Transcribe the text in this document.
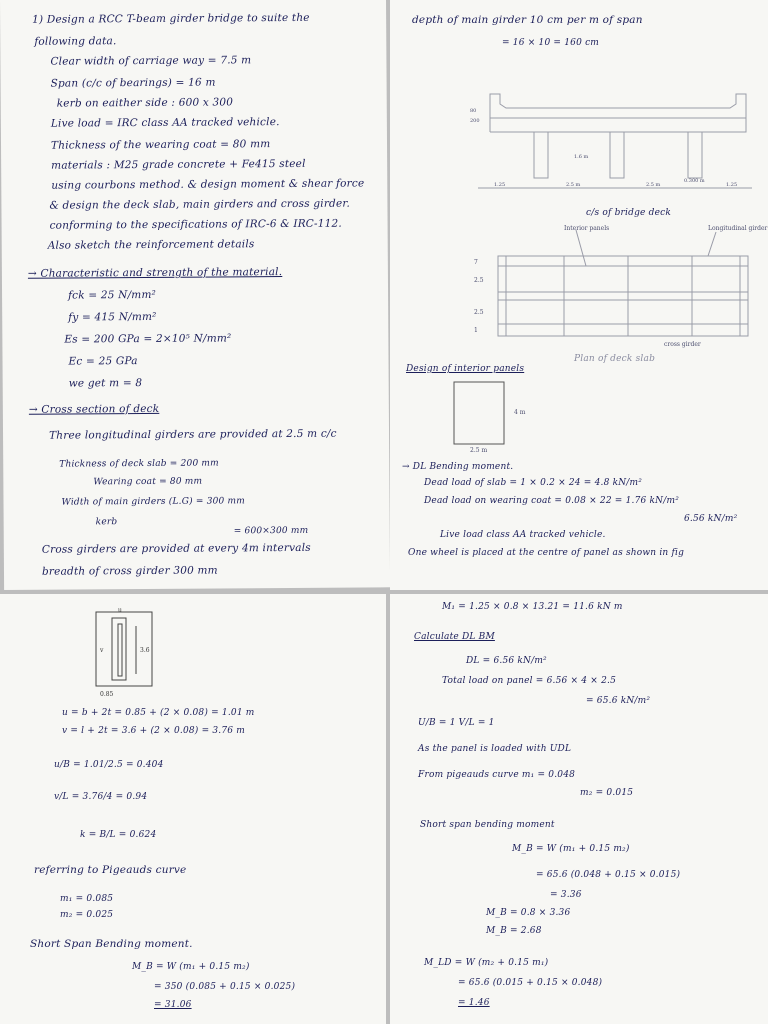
1) Design a RCC T-beam girder bridge to suite the
following data.
Clear width of carriage way = 7.5 m
Span (c/c of bearings) = 16 m
kerb on eaither side : 600 x 300
Live load = IRC class AA tracked vehicle.
Thickness of the wearing coat = 80 mm
materials : M25 grade concrete + Fe415 steel
using courbons method. & design moment & shear force
& design the deck slab, main girders and cross girder.
conforming to the specifications of IRC-6 & IRC-112.
Also sketch the reinforcement details
→ Characteristic and strength of the material.
fck = 25 N/mm²
fy = 415 N/mm²
Es = 200 GPa = 2×10⁵ N/mm²
Ec = 25 GPa
we get m = 8
→ Cross section of deck
Three longitudinal girders are provided at 2.5 m c/c
Thickness of deck slab = 200 mm
Wearing coat = 80 mm
Width of main girders (L.G) = 300 mm
kerb
= 600×300 mm
Cross girders are provided at every 4m intervals
breadth of cross girder 300 mm
depth of main girder 10 cm per m of span
= 16 × 10 = 160 cm
80
200
1.6 m
1.25	2.5 m	2.5 m	1.25
0.300 m
c/s of bridge deck
Interior panels	Longitudinal girder
cross girder
7
2.5
2.5
1
Plan of deck slab
Design of interior panels
4 m
2.5 m
→ DL Bending moment.
Dead load of slab = 1 × 0.2 × 24 = 4.8 kN/m²
Dead load on wearing coat = 0.08 × 22 = 1.76 kN/m²
6.56 kN/m²
Live load class AA tracked vehicle.
One wheel is placed at the centre of panel as shown in fig
u
v
0.85
3.6
u = b + 2t = 0.85 + (2 × 0.08) = 1.01 m
v = l + 2t = 3.6 + (2 × 0.08) = 3.76 m
u/B = 1.01/2.5 = 0.404
v/L = 3.76/4 = 0.94
k = B/L = 0.624
referring to Pigeauds curve
m₁ = 0.085
m₂ = 0.025
Short Span Bending moment.
M_B = W (m₁ + 0.15 m₂)
= 350 (0.085 + 0.15 × 0.025)
= 31.06
M₁ = 1.25 × 0.8 × 13.21 = 11.6 kN m
Calculate DL BM
DL = 6.56 kN/m²
Total load on panel = 6.56 × 4 × 2.5
= 65.6 kN/m²
U/B = 1 V/L = 1
As the panel is loaded with UDL
From pigeauds curve m₁ = 0.048
m₂ = 0.015
Short span bending moment
M_B = W (m₁ + 0.15 m₂)
= 65.6 (0.048 + 0.15 × 0.015)
= 3.36
M_B = 0.8 × 3.36
M_B = 2.68
M_LD = W (m₂ + 0.15 m₁)
= 65.6 (0.015 + 0.15 × 0.048)
= 1.46
